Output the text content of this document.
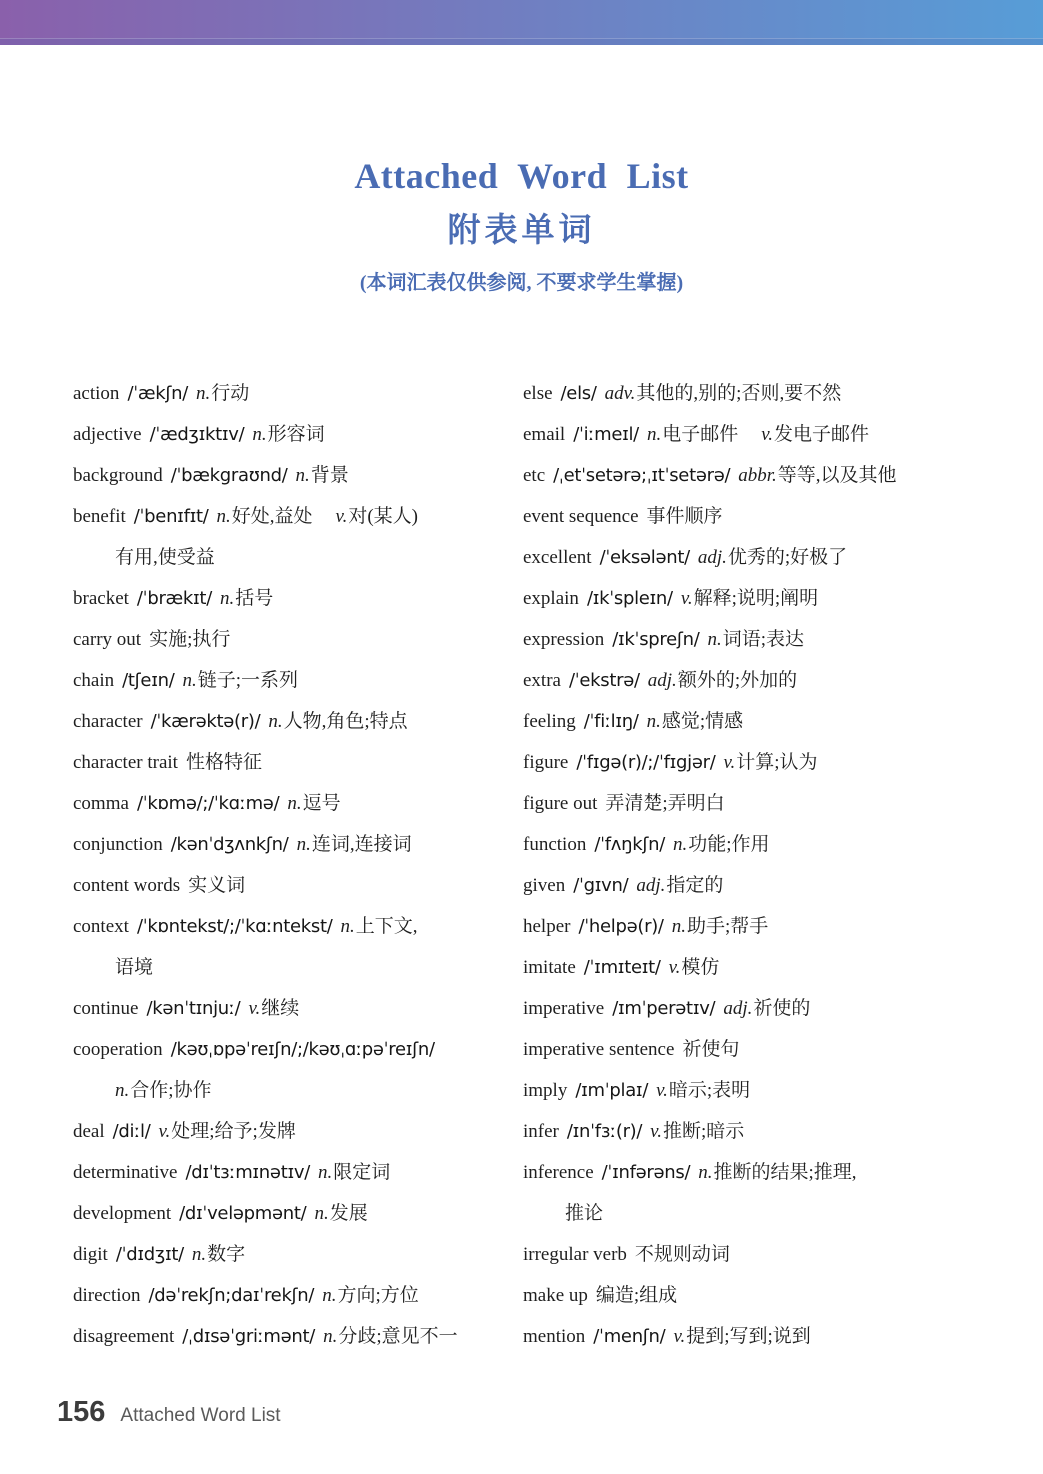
Attached Word List
附表单词
(本词汇表仅供参阅, 不要求学生掌握)
action /ˈækʃn/ n.行动
adjective /ˈædʒɪktɪv/ n.形容词
background /ˈbækgraʊnd/ n.背景
benefit /ˈbenɪfɪt/ n.好处,益处 v.对(某人)
有用,使受益
bracket /ˈbrækɪt/ n.括号
carry out 实施;执行
chain /tʃeɪn/ n.链子;一系列
character /ˈkærəktə(r)/ n.人物,角色;特点
character trait 性格特征
comma /ˈkɒmə/;/ˈkɑːmə/ n.逗号
conjunction /kənˈdʒʌnkʃn/ n.连词,连接词
content words 实义词
context /ˈkɒntekst/;/ˈkɑːntekst/ n.上下文,
语境
continue /kənˈtɪnjuː/ v.继续
cooperation /kəʊˌɒpəˈreɪʃn/;/kəʊˌɑːpəˈreɪʃn/
n.合作;协作
deal /diːl/ v.处理;给予;发牌
determinative /dɪˈtɜːmɪnətɪv/ n.限定词
development /dɪˈveləpmənt/ n.发展
digit /ˈdɪdʒɪt/ n.数字
direction /dəˈrekʃn;daɪˈrekʃn/ n.方向;方位
disagreement /ˌdɪsəˈgriːmənt/ n.分歧;意见不一
else /els/ adv.其他的,别的;否则,要不然
email /ˈiːmeɪl/ n.电子邮件 v.发电子邮件
etc /ˌetˈsetərə;ˌɪtˈsetərə/ abbr.等等,以及其他
event sequence 事件顺序
excellent /ˈeksələnt/ adj.优秀的;好极了
explain /ɪkˈspleɪn/ v.解释;说明;阐明
expression /ɪkˈspreʃn/ n.词语;表达
extra /ˈekstrə/ adj.额外的;外加的
feeling /ˈfiːlɪŋ/ n.感觉;情感
figure /ˈfɪgə(r)/;/ˈfɪgjər/ v.计算;认为
figure out 弄清楚;弄明白
function /ˈfʌŋkʃn/ n.功能;作用
given /ˈgɪvn/ adj.指定的
helper /ˈhelpə(r)/ n.助手;帮手
imitate /ˈɪmɪteɪt/ v.模仿
imperative /ɪmˈperətɪv/ adj.祈使的
imperative sentence 祈使句
imply /ɪmˈplaɪ/ v.暗示;表明
infer /ɪnˈfɜː(r)/ v.推断;暗示
inference /ˈɪnfərəns/ n.推断的结果;推理,
推论
irregular verb 不规则动词
make up 编造;组成
mention /ˈmenʃn/ v.提到;写到;说到
156 Attached Word List
